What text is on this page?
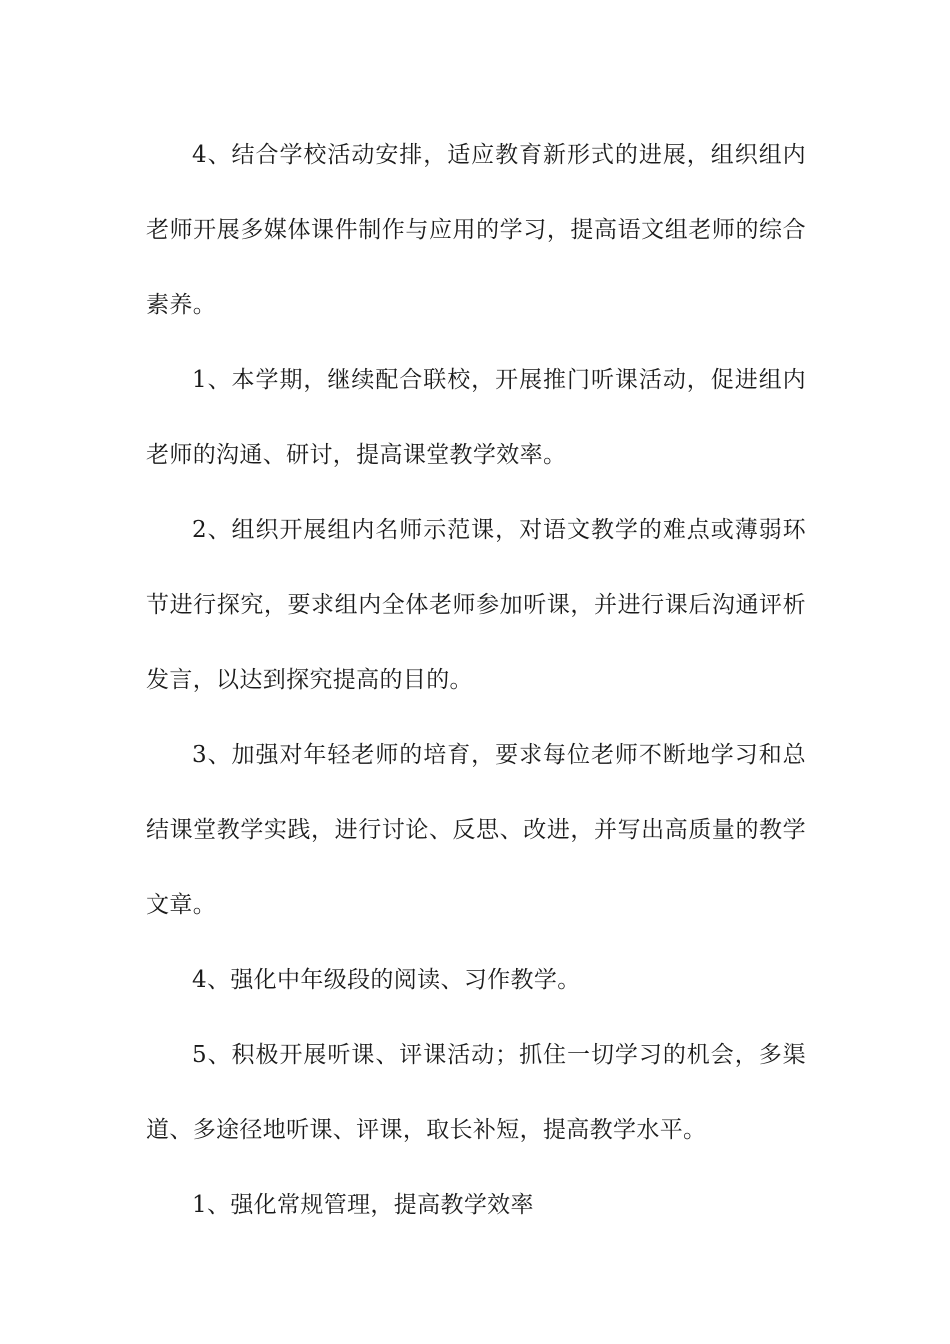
4、结合学校活动安排，适应教育新形式的进展，组织组内老师开展多媒体课件制作与应用的学习，提高语文组老师的综合素养。

1、本学期，继续配合联校，开展推门听课活动，促进组内老师的沟通、研讨，提高课堂教学效率。

2、组织开展组内名师示范课，对语文教学的难点或薄弱环节进行探究，要求组内全体老师参加听课，并进行课后沟通评析发言，以达到探究提高的目的。

3、加强对年轻老师的培育，要求每位老师不断地学习和总结课堂教学实践，进行讨论、反思、改进，并写出高质量的教学文章。

4、强化中年级段的阅读、习作教学。

5、积极开展听课、评课活动；抓住一切学习的机会，多渠道、多途径地听课、评课，取长补短，提高教学水平。

1、强化常规管理，提高教学效率
